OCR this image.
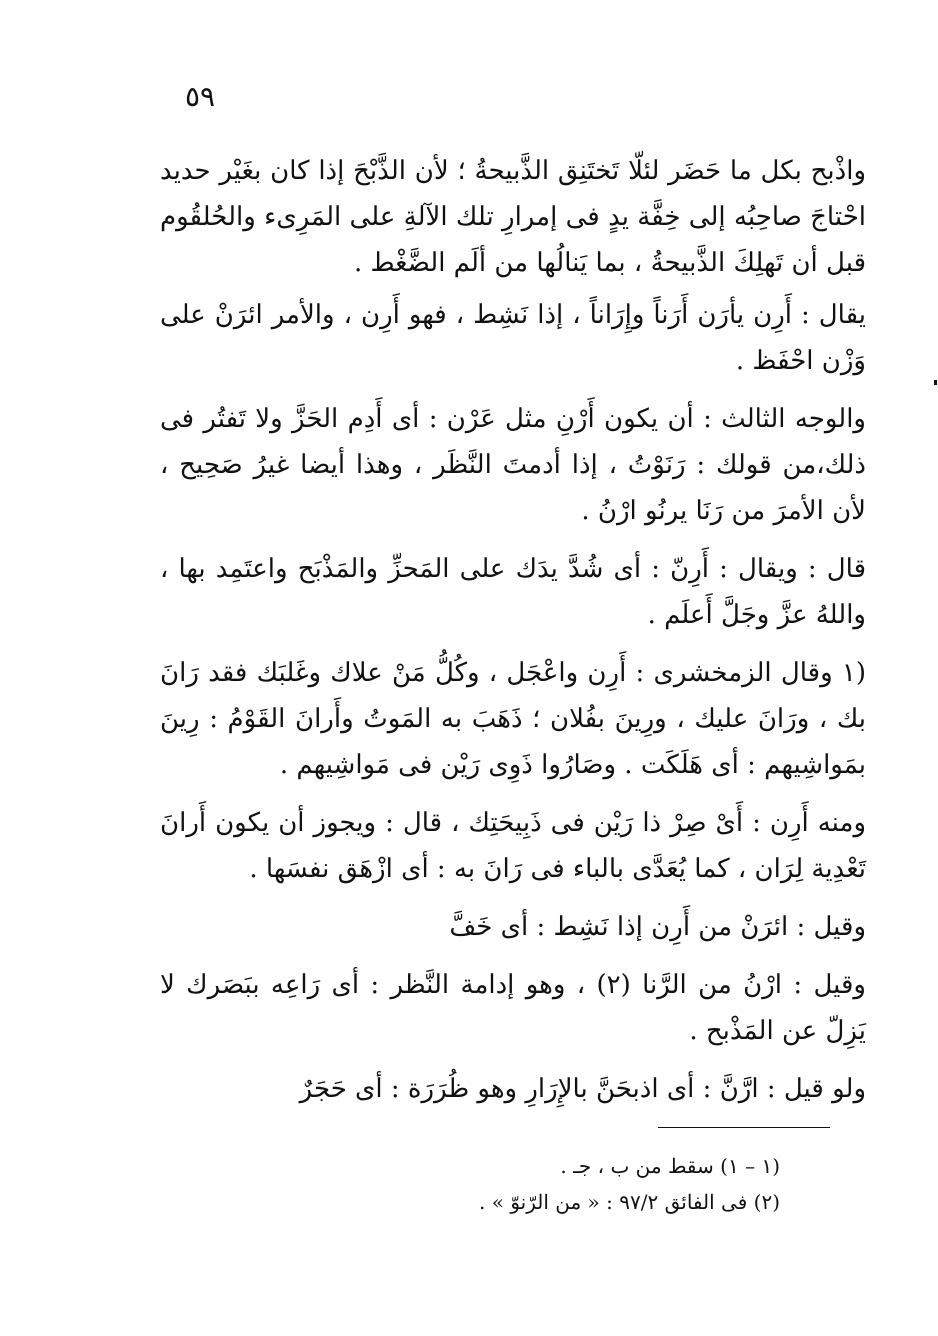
٥٩

واذْبح بكل ما حَضَر لئلّا تَختَنِق الذَّبيحةُ ؛ لأن الذَّبْحَ إذا كان بغَيْر حديد احْتاجَ صاحِبُه إلى خِفَّة يدٍ فى إمرارِ تلك الآلةِ على المَرِىء والحُلقُوم قبل أن تَهلِكَ الذَّبيحةُ ، بما يَنالُها من ألَم الضَّغْط .

يقال : أَرِن يأرَن أَرَناً وإِرَاناً ، إذا نَشِط ، فهو أَرِن ، والأمر ائرَنْ على وَزْن احْفَظ .

والوجه الثالث : أن يكون أَرْنِ مثل عَرْن : أى أَدِم الحَزَّ ولا تَفتُر فى ذلك،من قولك : رَنَوْتُ ، إذا أدمتَ النَّظَر ، وهذا أيضا غيرُ صَحِيح ، لأن الأمرَ من رَنَا يرنُو ارْنُ .

قال : ويقال : أَرِنّ : أى شُدَّ يدَك على المَحزِّ والمَذْبَح واعتَمِد بها ، واللهُ عزَّ وجَلَّ أَعلَم .

(١ وقال الزمخشرى : أَرِن واعْجَل ، وكُلُّ مَنْ علاك وغَلبَك فقد رَانَ بك ، ورَانَ عليك ، ورِينَ بفُلان ؛ ذَهَبَ به المَوتُ وأَرانَ القَوْمُ : رِينَ بمَواشِيهم : أى هَلَكَت . وصَارُوا ذَوِى رَيْن فى مَواشِيهم .

ومنه أَرِن : أَىْ صِرْ ذا رَيْن فى ذَبِيحَتِك ، قال : ويجوز أن يكون أَرانَ تَعْدِية لِرَان ، كما يُعَدَّى بالباء فى رَانَ به : أى ازْهَق نفسَها .

وقيل : ائرَنْ من أَرِن إذا نَشِط : أى خَفَّ

وقيل : ارْنُ من الرَّنا (٢) ، وهو إدامة النَّظر : أى رَاعِه ببَصَرك لا يَزِلّ عن المَذْبح .

ولو قيل : ارَّنَّ : أى اذبحَنَّ بالإِرَارِ وهو ظُرَرَة : أى حَجَرٌ

(١ – ١) سقط من ب ، جـ .
(٢) فى الفائق ٩٧/٢ : « من الرّنوّ » .
